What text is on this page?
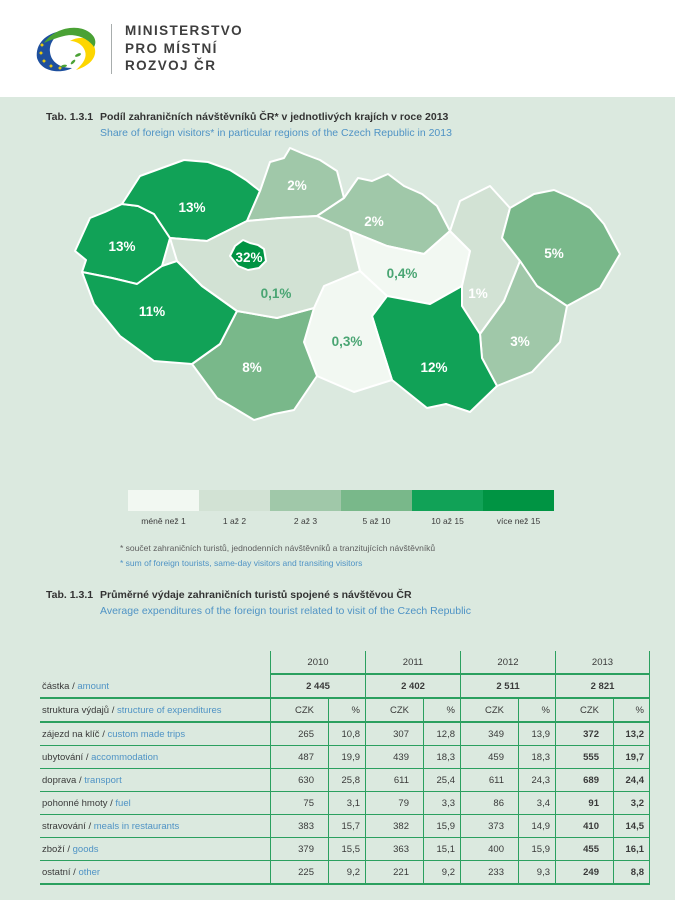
MINISTERSTVO
PRO MÍSTNÍ
ROZVOJ ČR
Tab. 1.3.1 Podíl zahraničních návštěvníků ČR* v jednotlivých krajích v roce 2013
Share of foreign visitors* in particular regions of the Czech Republic in 2013
13%
13%
2%
2%
0,4%
1%
5%
3%
12%
0,3%
8%
11%
0,1%
32%
méně než 1	1 až 2	2 až 3	5 až 10	10 až 15	více než 15
* součet zahraničních turistů, jednodenních návštěvníků a tranzitujících návštěvníků
* sum of foreign tourists, same-day visitors and transiting visitors
Tab. 1.3.1 Průměrné výdaje zahraničních turistů spojené s návštěvou ČR
Average expenditures of the foreign tourist related to visit of the Czech Republic
2010	2011	2012	2013
částka / amount	2 445	2 402	2 511	2 821
struktura výdajů / structure of expenditures	CZK	%	CZK	%	CZK	%	CZK	%
zájezd na klíč / custom made trips	265	10,8	307	12,8	349	13,9	372	13,2
ubytování / accommodation	487	19,9	439	18,3	459	18,3	555	19,7
doprava / transport	630	25,8	611	25,4	611	24,3	689	24,4
pohonné hmoty / fuel	75	3,1	79	3,3	86	3,4	91	3,2
stravování / meals in restaurants	383	15,7	382	15,9	373	14,9	410	14,5
zboží / goods	379	15,5	363	15,1	400	15,9	455	16,1
ostatní / other	225	9,2	221	9,2	233	9,3	249	8,8
